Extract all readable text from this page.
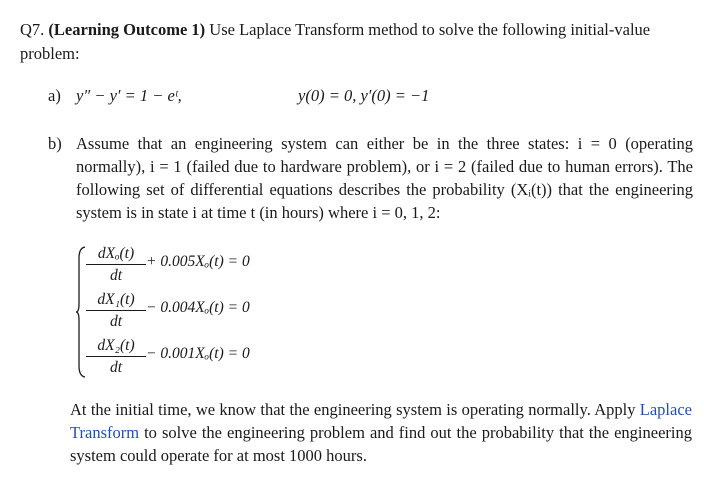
Q7. (Learning Outcome 1) Use Laplace Transform method to solve the following initial-value problem:
a) y″ − y′ = 1 − eᵗ,	y(0) = 0, y′(0) = −1
b) Assume that an engineering system can either be in the three states: i = 0 (operating normally), i = 1 (failed due to hardware problem), or i = 2 (failed due to human errors). The following set of differential equations describes the probability (Xᵢ(t)) that the engineering system is in state i at time t (in hours) where i = 0, 1, 2:
dXₒ(t)
dt
+ 0.005Xₒ(t) = 0
$\frac{\text{dX₁(t)}}{dt} - 0.004X_o(t) = 0$
$\frac{\text{dX₂(t)}}{dt} - 0.001X_o(t) = 0$
At the initial time, we know that the engineering system is operating normally. Apply Laplace Transform to solve the engineering problem and find out the probability that the engineering system could operate for at most 1000 hours.
